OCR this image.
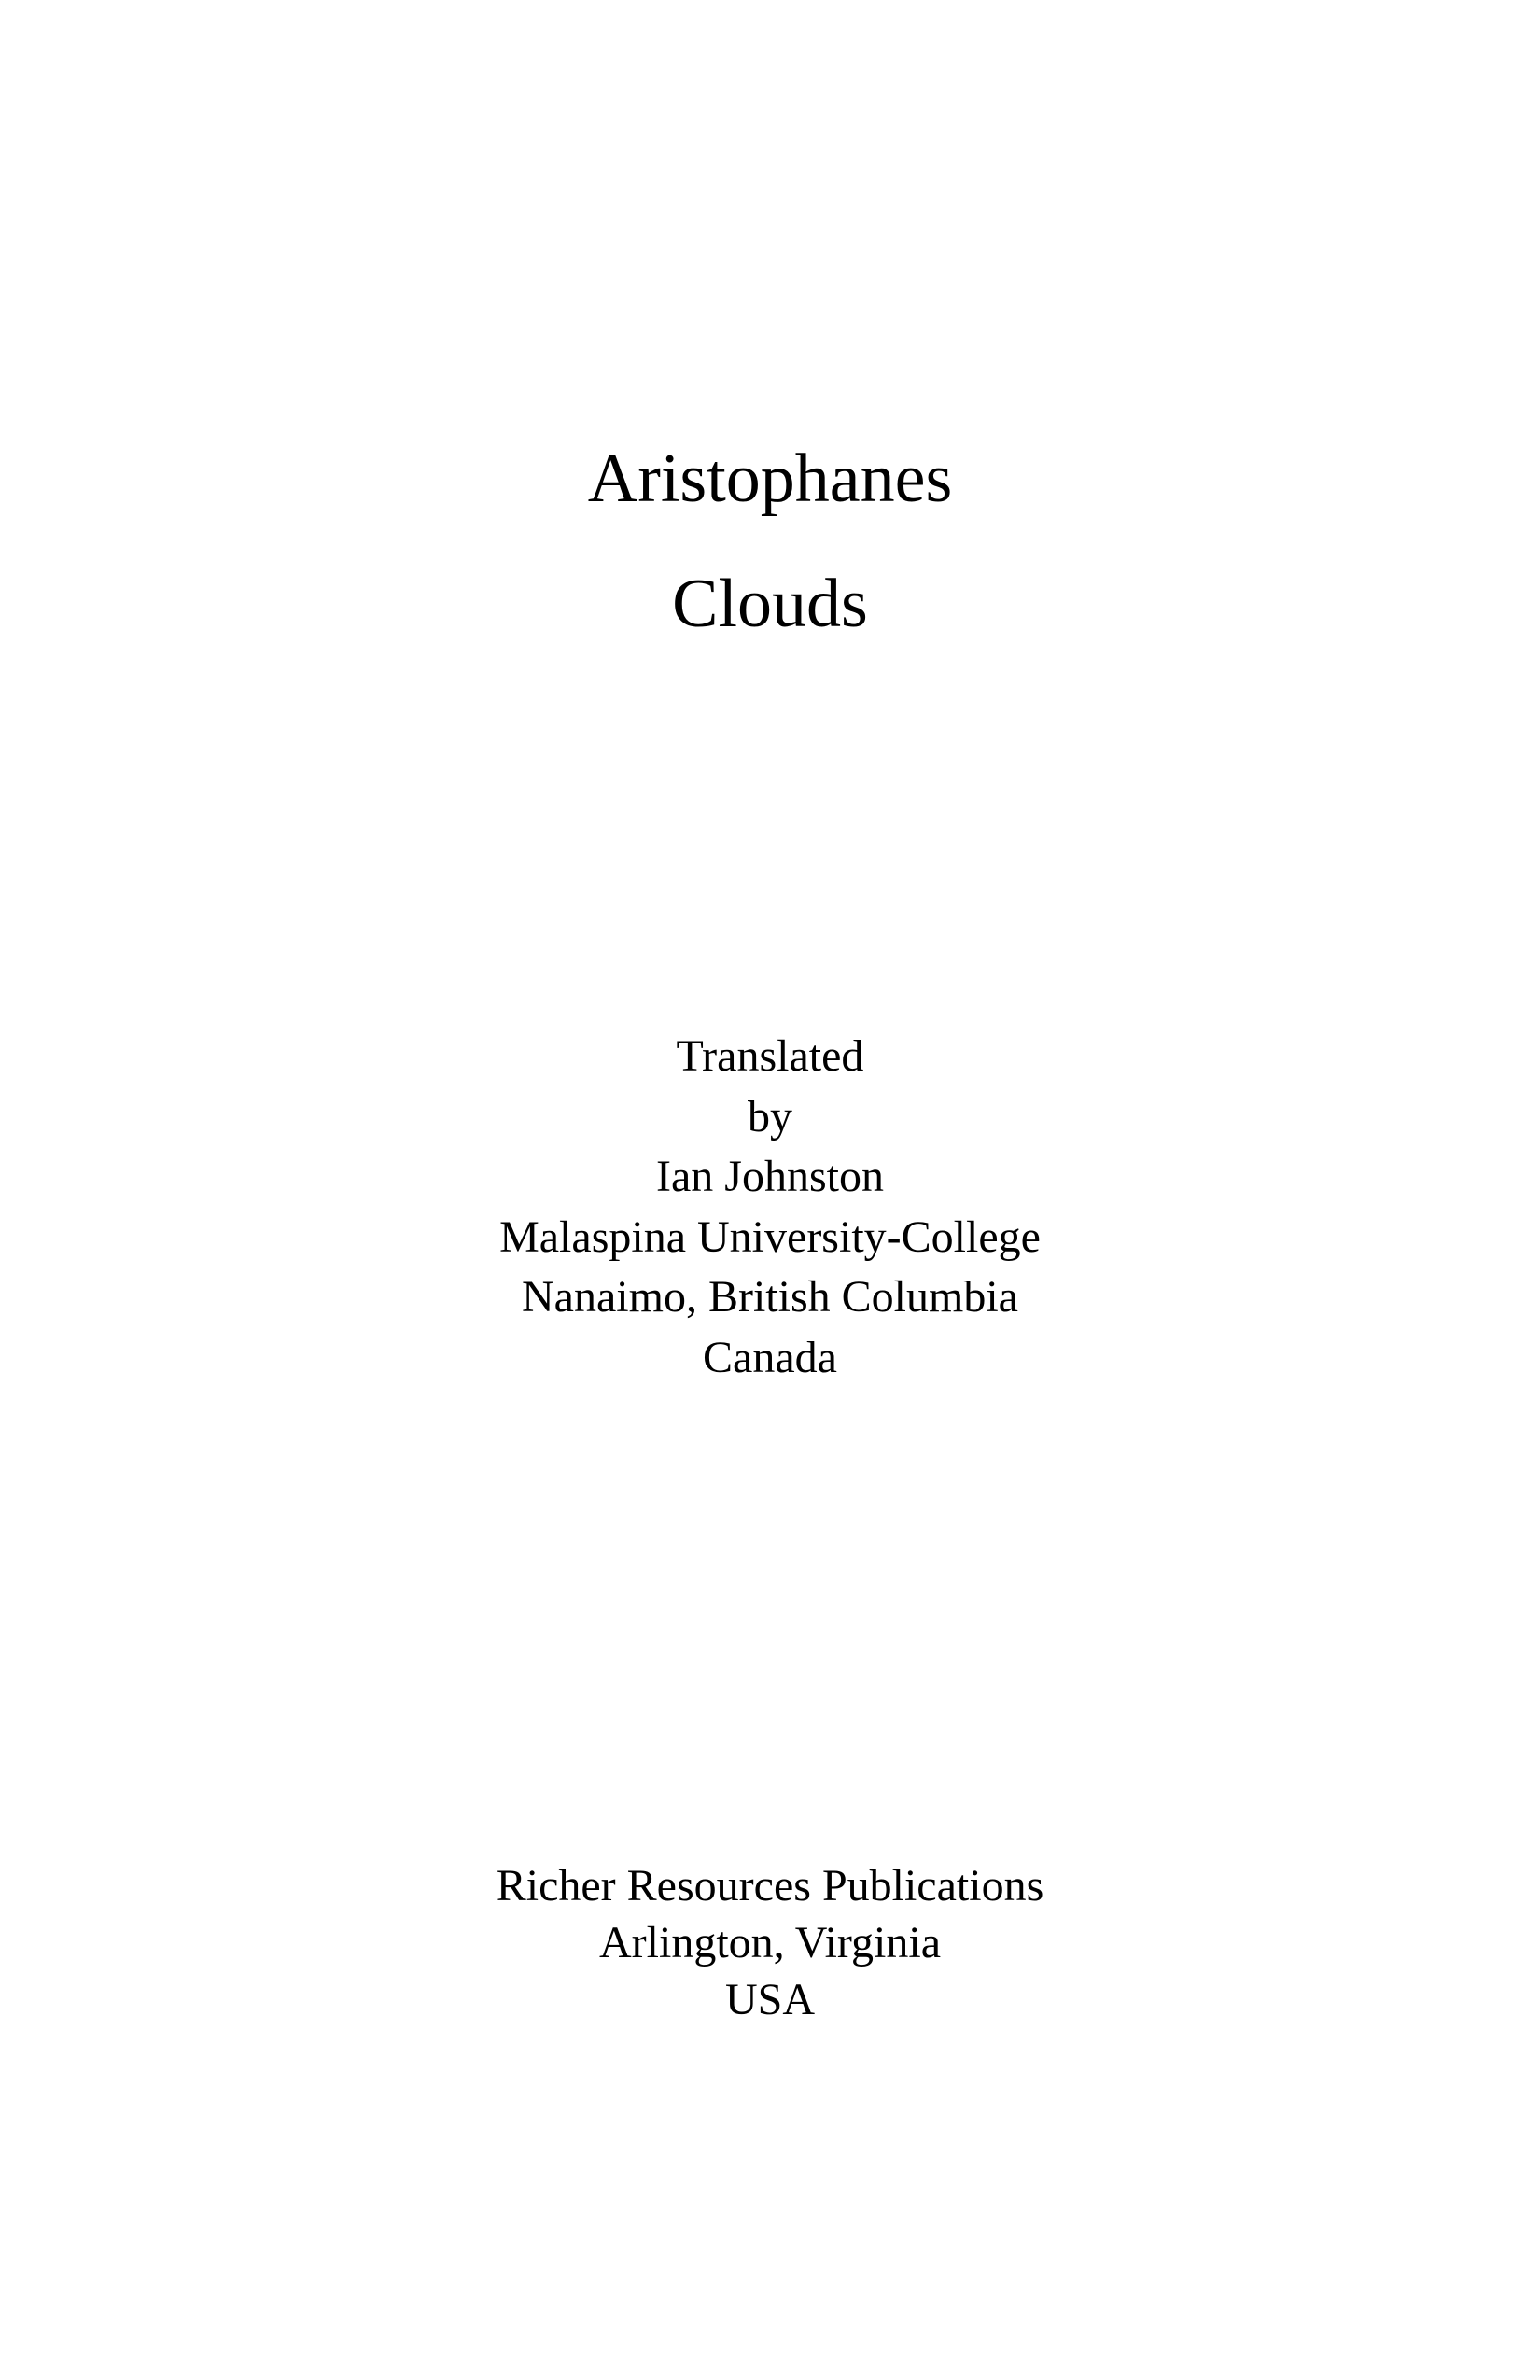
Aristophanes
Clouds
Translated
by
Ian Johnston
Malaspina University-College
Nanaimo, British Columbia
Canada
Richer Resources Publications
Arlington, Virginia
USA
